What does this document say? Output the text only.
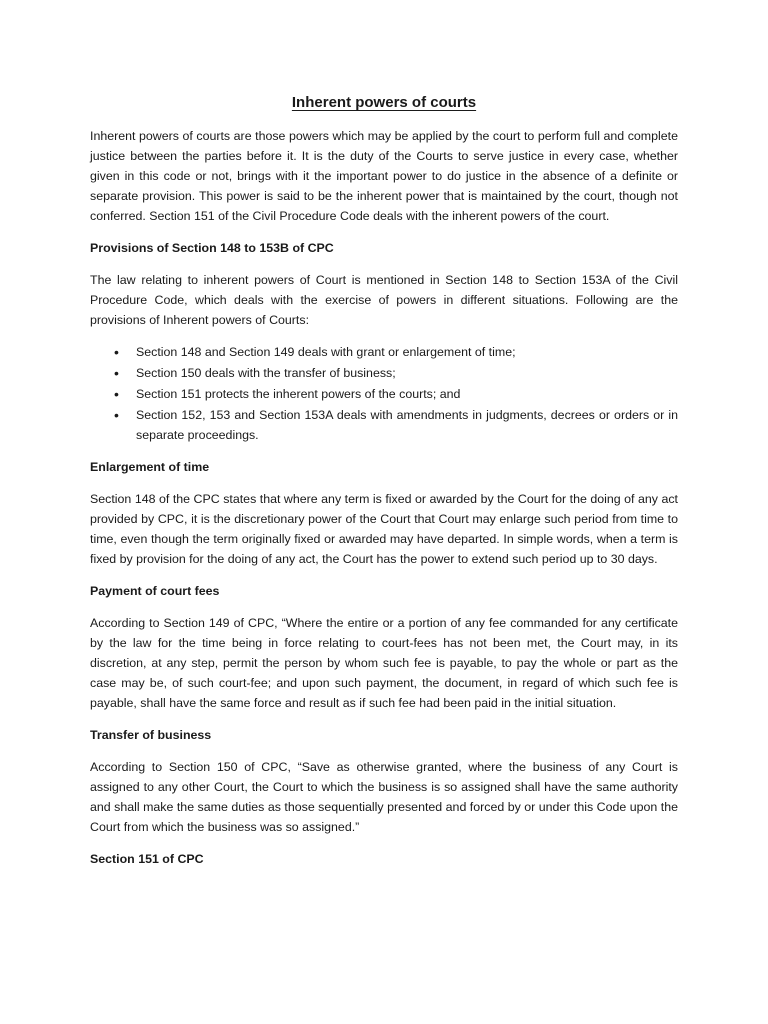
Inherent powers of courts

Inherent powers of courts are those powers which may be applied by the court to perform full and complete justice between the parties before it. It is the duty of the Courts to serve justice in every case, whether given in this code or not, brings with it the important power to do justice in the absence of a definite or separate provision. This power is said to be the inherent power that is maintained by the court, though not conferred. Section 151 of the Civil Procedure Code deals with the inherent powers of the court.

Provisions of Section 148 to 153B of CPC

The law relating to inherent powers of Court is mentioned in Section 148 to Section 153A of the Civil Procedure Code, which deals with the exercise of powers in different situations. Following are the provisions of Inherent powers of Courts:

• Section 148 and Section 149 deals with grant or enlargement of time;
• Section 150 deals with the transfer of business;
• Section 151 protects the inherent powers of the courts; and
• Section 152, 153 and Section 153A deals with amendments in judgments, decrees or orders or in separate proceedings.
Enlargement of time

Section 148 of the CPC states that where any term is fixed or awarded by the Court for the doing of any act provided by CPC, it is the discretionary power of the Court that Court may enlarge such period from time to time, even though the term originally fixed or awarded may have departed. In simple words, when a term is fixed by provision for the doing of any act, the Court has the power to extend such period up to 30 days.

Payment of court fees

According to Section 149 of CPC, “Where the entire or a portion of any fee commanded for any certificate by the law for the time being in force relating to court-fees has not been met, the Court may, in its discretion, at any step, permit the person by whom such fee is payable, to pay the whole or part as the case may be, of such court-fee; and upon such payment, the document, in regard of which such fee is payable, shall have the same force and result as if such fee had been paid in the initial situation.

Transfer of business

According to Section 150 of CPC, “Save as otherwise granted, where the business of any Court is assigned to any other Court, the Court to which the business is so assigned shall have the same authority and shall make the same duties as those sequentially presented and forced by or under this Code upon the Court from which the business was so assigned.”

Section 151 of CPC
